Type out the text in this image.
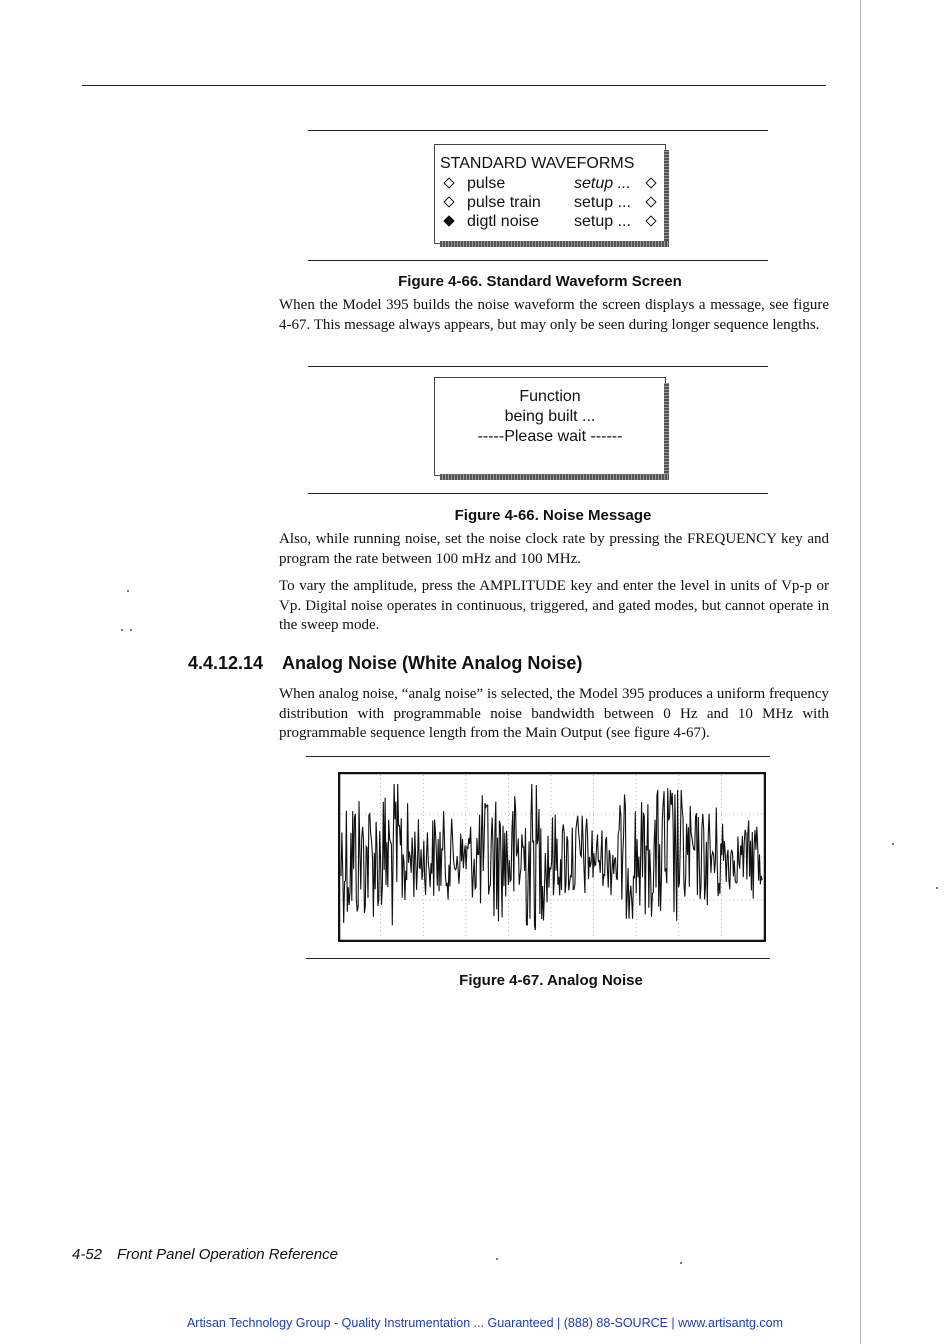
STANDARD WAVEFORMS
pulse	setup ...
pulse train setup ...
digtl noise setup ...
Figure 4-66. Standard Waveform Screen
When the Model 395 builds the noise waveform the screen displays a message, see figure 4-67. This message always appears, but may only be seen during longer sequence lengths.
Function
being built ...
-----Please wait ------
Figure 4-66. Noise Message
Also, while running noise, set the noise clock rate by pressing the FREQUENCY key and program the rate between 100 mHz and 100 MHz.
To vary the amplitude, press the AMPLITUDE key and enter the level in units of Vp-p or Vp. Digital noise operates in continuous, triggered, and gated modes, but cannot operate in the sweep mode.
4.4.12.14 Analog Noise (White Analog Noise)
When analog noise, “analg noise” is selected, the Model 395 produces a uniform frequency distribution with programmable noise bandwidth between 0 Hz and 10 MHz with programmable sequence length from the Main Output (see figure 4-67).
Figure 4-67. Analog Noise
4-52 Front Panel Operation Reference
Artisan Technology Group - Quality Instrumentation ... Guaranteed | (888) 88-SOURCE | www.artisantg.com
